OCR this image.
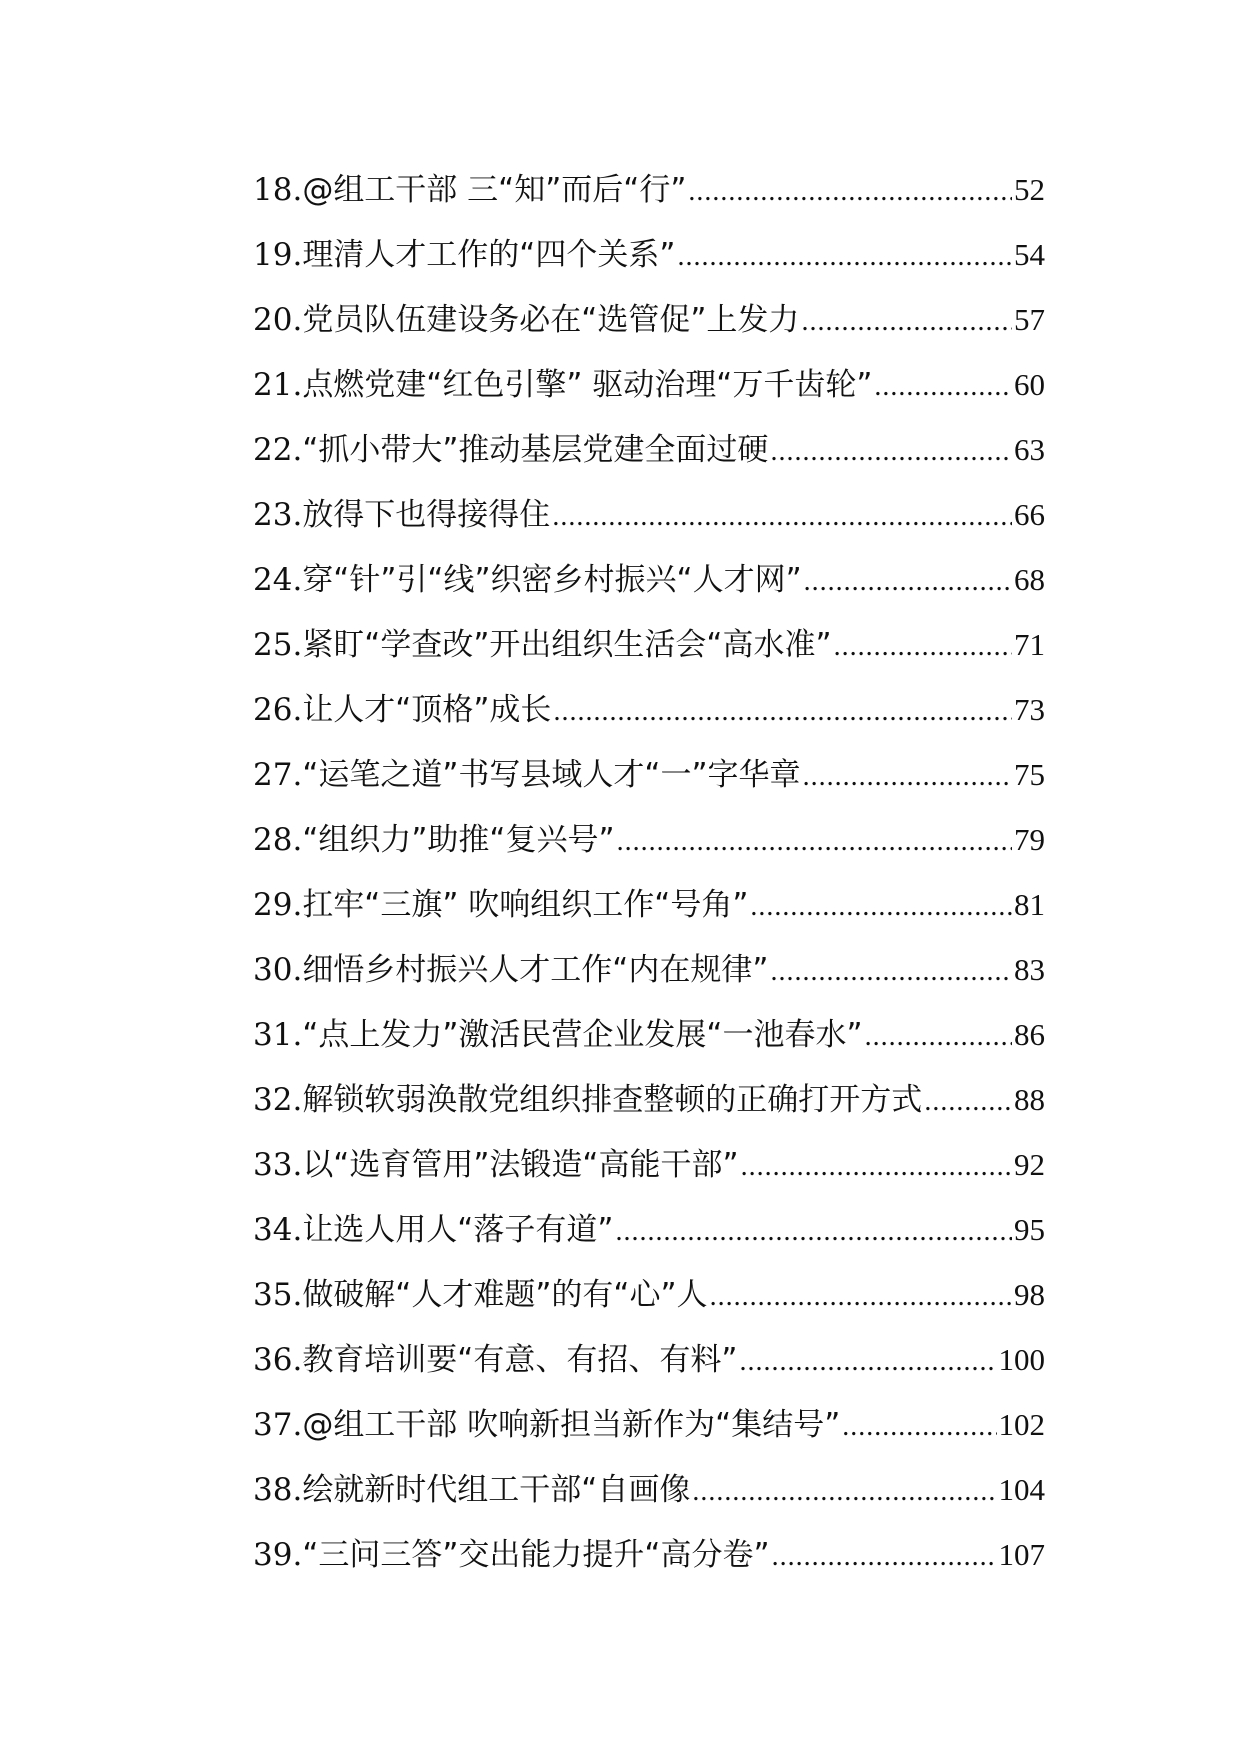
18. @组工干部 三“知”而后“行” .....	52
19. 理清人才工作的“四个关系” .....	54
20. 党员队伍建设务必在“选管促”上发力 .....	57
21. 点燃党建“红色引擎” 驱动治理“万千齿轮” .....	60
22. “抓小带大”推动基层党建全面过硬 .....	63
23. 放得下也得接得住 .....	66
24. 穿“针”引“线”织密乡村振兴“人才网” .....	68
25. 紧盯“学查改”开出组织生活会“高水准” .....	71
26. 让人才“顶格”成长 .....	73
27. “运笔之道”书写县域人才“一”字华章 .....	75
28. “组织力”助推“复兴号” .....	79
29. 扛牢“三旗” 吹响组织工作“号角” .....	81
30. 细悟乡村振兴人才工作“内在规律” .....	83
31. “点上发力”激活民营企业发展“一池春水” .....	86
32. 解锁软弱涣散党组织排查整顿的正确打开方式 .....	88
33. 以“选育管用”法锻造“高能干部” .....	92
34. 让选人用人“落子有道” .....	95
35. 做破解“人才难题”的有“心”人 .....	98
36. 教育培训要“有意、有招、有料” .....	100
37. @组工干部 吹响新担当新作为“集结号” .....	102
38. 绘就新时代组工干部“自画像 .....	104
39. “三问三答”交出能力提升“高分卷” .....	107
